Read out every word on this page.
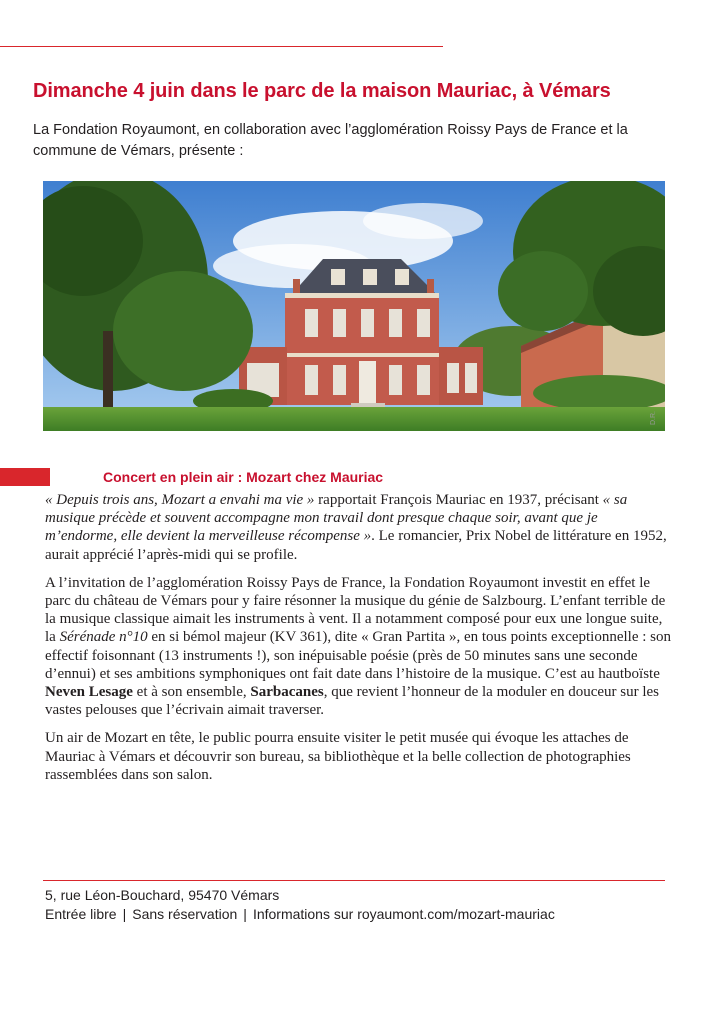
Dimanche 4 juin dans le parc de la maison Mauriac, à Vémars

La Fondation Royaumont, en collaboration avec l’agglomération Roissy Pays de France et la commune de Vémars, présente :

D.R.
Concert en plein air : Mozart chez Mauriac

« Depuis trois ans, Mozart a envahi ma vie » rapportait François Mauriac en 1937, précisant « sa musique précède et souvent accompagne mon travail dont presque chaque soir, avant que je m’endorme, elle devient la merveilleuse récompense ». Le romancier, Prix Nobel de littérature en 1952, aurait apprécié l’après-midi qui se profile.

A l’invitation de l’agglomération Roissy Pays de France, la Fondation Royaumont investit en effet le parc du château de Vémars pour y faire résonner la musique du génie de Salzbourg. L’enfant terrible de la musique classique aimait les instruments à vent. Il a notamment composé pour eux une longue suite, la Sérénade n°10 en si bémol majeur (KV 361), dite « Gran Partita », en tous points exceptionnelle : son effectif foisonnant (13 instruments !), son inépuisable poésie (près de 50 minutes sans une seconde d’ennui) et ses ambitions symphoniques ont fait date dans l’histoire de la musique. C’est au hautboïste Neven Lesage et à son ensemble, Sarbacanes, que revient l’honneur de la moduler en douceur sur les vastes pelouses que l’écrivain aimait traverser.

Un air de Mozart en tête, le public pourra ensuite visiter le petit musée qui évoque les attaches de Mauriac à Vémars et découvrir son bureau, sa bibliothèque et la belle collection de photographies rassemblées dans son salon.

5, rue Léon-Bouchard, 95470 Vémars
Entrée libre | Sans réservation | Informations sur royaumont.com/mozart-mauriac
